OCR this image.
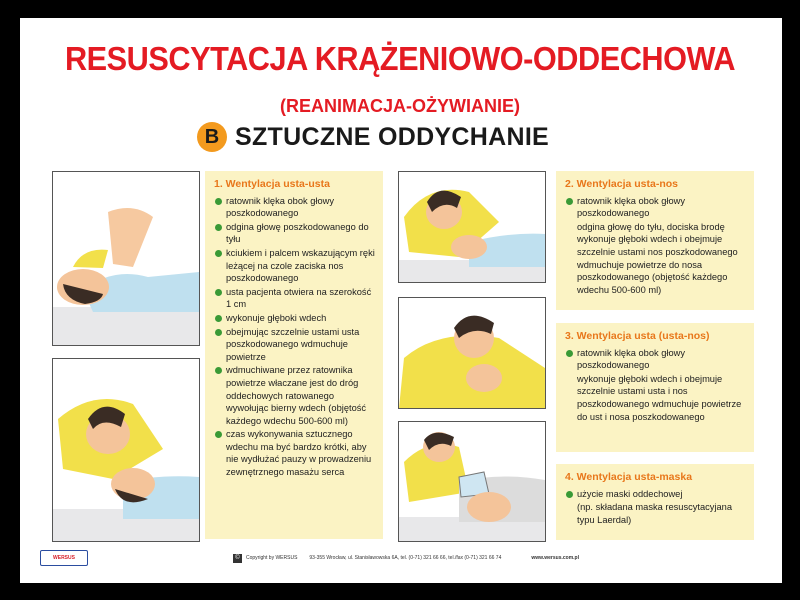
RESUSCYTACJA KRĄŻENIOWO-ODDECHOWA
(REANIMACJA-OŻYWIANIE)
B SZTUCZNE ODDYCHANIE
1. Wentylacja usta-usta
ratownik klęka obok głowy poszkodowanego
odgina głowę poszkodowanego do tyłu
kciukiem i palcem wskazującym ręki leżącej na czole zaciska nos poszkodowanego
usta pacjenta otwiera na szerokość 1 cm
wykonuje głęboki wdech
obejmując szczelnie ustami usta poszkodowanego wdmuchuje powietrze
wdmuchiwane przez ratownika powietrze właczane jest do dróg oddechowych ratowanego wywołując bierny wdech (objętość każdego wdechu 500-600 ml)
czas wykonywania sztucznego wdechu ma być bardzo krótki, aby nie wydłużać pauzy w prowadzeniu zewnętrznego masażu serca
2. Wentylacja usta-nos
ratownik klęka obok głowy poszkodowanego
odgina głowę do tyłu, dociska brodę wykonuje głęboki wdech i obejmuje szczelnie ustami nos poszkodowanego wdmuchuje powietrze do nosa poszkodowanego (objętość każdego wdechu 500-600 ml)
3. Wentylacja usta (usta-nos)
ratownik klęka obok głowy poszkodowanego
wykonuje głęboki wdech i obejmuje szczelnie ustami usta i nos poszkodowanego wdmuchuje powietrze do ust i nosa poszkodowanego
4. Wentylacja usta-maska
użycie maski oddechowej
(np. składana maska resuscytacyjana typu Laerdal)
WERSUS	©	Copyright by WERSUS 93-355 Wrocław, ul. Stanisławowska 6A, tel. (0-71) 321 66 66, tel./fax (0-71) 321 66 74	www.wersus.com.pl
